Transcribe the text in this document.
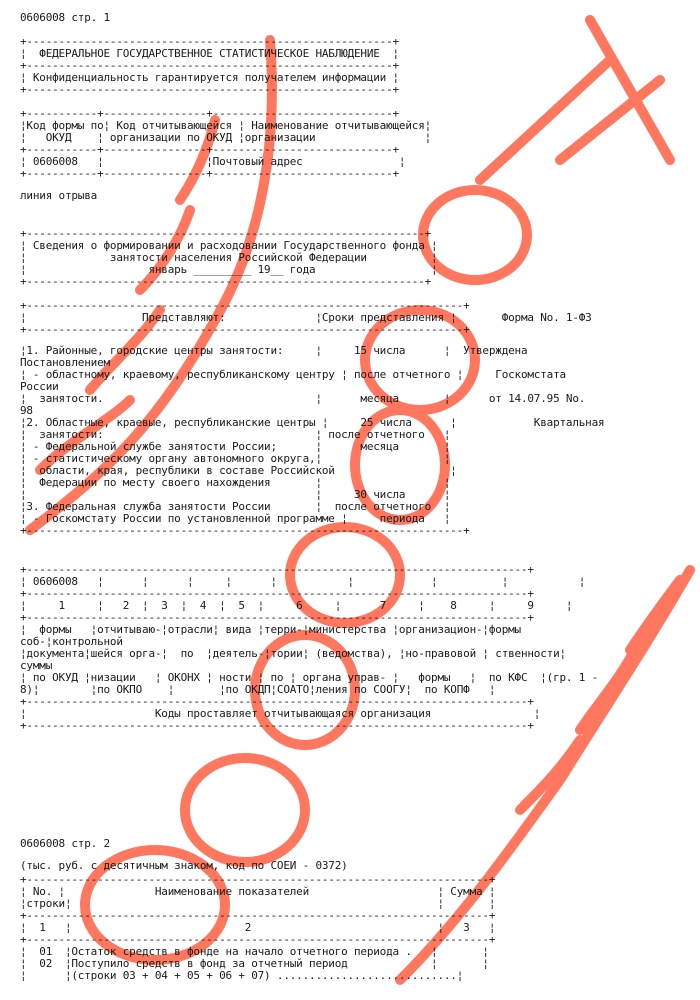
0606008 стр. 1
+---------------------------------------------------------+
¦  ФЕДЕРАЛЬНОЕ ГОСУДАРСТВЕННОЕ СТАТИСТИЧЕСКОЕ НАБЛЮДЕНИЕ  ¦
+---------------------------------------------------------+
¦ Конфиденциальность гарантируется получателем информации ¦
+---------------------------------------------------------+
+-----------+----------------+----------------------------+
¦Код формы по¦ Код отчитывающейся ¦ Наименование отчитывающейся¦
¦   ОКУД    ¦ организации по ОКУД ¦организации                 ¦
+-----------+----------------+----------------------------+
¦ 0606008   ¦                ¦Почтовый адрес               ¦
+-----------+----------------+----------------------------+
линия отрыва
+--------------------------------------------------------------+
¦ Сведения о формировании и расходовании Государственного фонда ¦
¦             занятости населения Российской Федерации          ¦
¦                   январь _________ 19__ года                  ¦
+--------------------------------------------------------------+
+--------------------------------------------------------------------+
¦                  Представляют:              ¦Сроки представления ¦       Форма No. 1-ФЗ
+--------------------------------------------------------------------+
¦1. Районные, городские центры занятости:     ¦     15 числа      ¦  Утверждена
Постановлением
¦ - областному, краевому, республиканскому центру ¦ после отчетного ¦     Госкомстата
России
¦  занятости.                                 ¦      месяца       ¦      от 14.07.95 No.
98
¦2. Областные, краевые, республиканские центры ¦     25 числа      ¦            Квартальная
¦  занятости:                                 ¦ после отчетного   ¦
¦ - Федеральной службе занятости России;      ¦      месяца       ¦
¦ - статистическому органу автономного округа,¦                   ¦
¦  области, края, республики в составе Российской                  ¦
¦  Федерации по месту своего нахождения       ¦                   ¦
¦                                             ¦     30 числа      ¦
¦3. Федеральная служба занятости России       ¦  после отчетного  ¦
¦ - Госкомстату России по установленной программе ¦     периода   ¦
+--------------------------------------------------------------------+
+------------------------------------------------------------------------------+
¦ 0606008   ¦      ¦      ¦     ¦      ¦           ¦            ¦          ¦           ¦
+------------------------------------------------------------------------------+
¦     1     ¦   2  ¦  3  ¦  4  ¦  5  ¦     6     ¦      7     ¦    8     ¦     9     ¦
+------------------------------------------------------------------------------+
¦  формы   ¦отчитываю-¦отрасли¦ вида ¦терри-¦министерства ¦организацион-¦формы
соб-¦контрольной
¦документа¦шейся орга-¦  по  ¦деятель-¦тории¦ (ведомства), ¦но-правовой ¦ ственности¦
суммы
¦ по ОКУД ¦низации   ¦ ОКОНХ ¦ ности ¦ по ¦ органа управ- ¦   формы   ¦  по КФС  ¦(гр. 1 -
8)¦        ¦по ОКПО    ¦       ¦по ОКДП¦СОАТО¦ления по СООГУ¦  по КОПФ   ¦
+------------------------------------------------------------------------------+
¦                    Коды проставляет отчитывающаяся организация                ¦
+------------------------------------------------------------------------------+
0606008 стр. 2
(тыс. руб. с десятичным знаком, код по СОЕИ - 0372)
+------------------------------------------------------------------------+
¦ No. ¦              Наименование показателей                    ¦ Сумма ¦
¦строки¦                                                         ¦       ¦
+------------------------------------------------------------------------+
¦  1   ¦                           2                             ¦   3   ¦
+------------------------------------------------------------------------+
¦  01  ¦Остаток средств в фонде на начало отчетного периода .   ¦       ¦
¦  02  ¦Поступило средств в фонд за отчетный период             ¦       ¦
¦      ¦(строки 03 + 04 + 05 + 06 + 07) ............................¦
